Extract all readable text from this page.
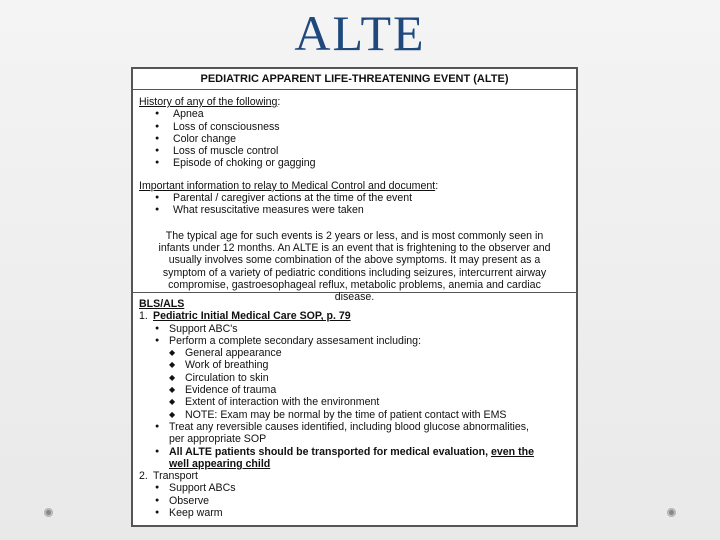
ALTE
PEDIATRIC APPARENT LIFE-THREATENING EVENT (ALTE)
History of any of the following:
● Apnea
● Loss of consciousness
● Color change
● Loss of muscle control
● Episode of choking or gagging
Important information to relay to Medical Control and document:
● Parental / caregiver actions at the time of the event
● What resuscitative measures were taken
The typical age for such events is 2 years or less, and is most commonly seen in
infants under 12 months. An ALTE is an event that is frightening to the observer and
usually involves some combination of the above symptoms. It may present as a
symptom of a variety of pediatric conditions including seizures, intercurrent airway
compromise, gastroesophageal reflux, metabolic problems, anemia and cardiac
disease.
BLS/ALS
1. Pediatric Initial Medical Care SOP, p. 79
● Support ABC's
● Perform a complete secondary assesament including:
◆ General appearance
◆ Work of breathing
◆ Circulation to skin
◆ Evidence of trauma
◆ Extent of interaction with the environment
◆ NOTE: Exam may be normal by the time of patient contact with EMS
● Treat any reversible causes identified, including blood glucose abnormalities,
per appropriate SOP
● All ALTE patients should be transported for medical evaluation, even the
well appearing child
2. Transport
● Support ABCs
● Observe
● Keep warm
